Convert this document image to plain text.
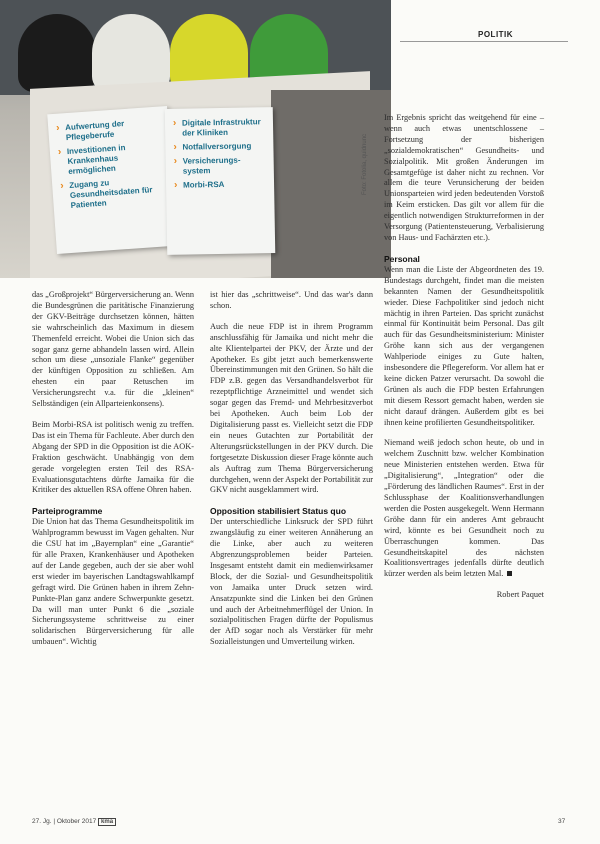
› Aufwertung der Pflegeberufe
› Investitionen in Krankenhaus ermöglichen
› Zugang zu Gesundheitsdaten für Patienten
› Digitale Infrastruktur der Kliniken
› Notfallversorgung
› Versicherungs-system
› Morbi-RSA	Foto: Fotolia, quidnunc
POLITIK

das „Großprojekt“ Bürgerversicherung an. Wenn die Bundesgrünen die paritätische Finanzierung der GKV-Beiträge durchsetzen können, hätten sie wahrscheinlich das Maximum in diesem Themenfeld erreicht. Wobei die Union sich das sogar ganz gerne abhandeln lassen wird. Allein schon um diese „unsoziale Flanke“ gegenüber der künftigen Opposition zu schließen. Am ehesten ein paar Retuschen im Versicherungsrecht v.a. für die „kleinen“ Selbständigen (ein Allparteienkonsens).

Beim Morbi-RSA ist politisch wenig zu treffen. Das ist ein Thema für Fachleute. Aber durch den Abgang der SPD in die Opposition ist die AOK-Fraktion geschwächt. Unabhängig von dem gerade vorgelegten ersten Teil des RSA-Evaluationsgutachtens dürfte Jamaika für die Kritiker des aktuellen RSA offene Ohren haben.

Parteiprogramme

Die Union hat das Thema Gesundheitspolitik im Wahlprogramm bewusst im Vagen gehalten. Nur die CSU hat im „Bayernplan“ eine „Garantie“ für alle Praxen, Krankenhäuser und Apotheken auf der Lande gegeben, auch der sie aber wohl erst wieder im bayerischen Landtagswahlkampf gefragt wird. Die Grünen haben in ihrem Zehn-Punkte-Plan ganz andere Schwerpunkte gesetzt. Da will man unter Punkt 6 die „soziale Sicherungssysteme schrittweise zu einer solidarischen Bürgerversicherung für alle umbauen“. Wichtig

ist hier das „schrittweise“. Und das war's dann schon.

Auch die neue FDP ist in ihrem Programm anschlussfähig für Jamaika und nicht mehr die alte Klientelpartei der PKV, der Ärzte und der Apotheker. Es gibt jetzt auch bemerkenswerte Übereinstimmungen mit den Grünen. So hält die FDP z.B. gegen das Versandhandelsverbot für rezeptpflichtige Arzneimittel und wendet sich sogar gegen das Fremd- und Mehrbesitzverbot bei Apotheken. Auch beim Lob der Digitalisierung passt es. Vielleicht setzt die FDP ein neues Gutachten zur Portabilität der Alterungsrückstellungen in der PKV durch. Die fortgesetzte Diskussion dieser Frage könnte auch als Auftrag zum Thema Bürgerversicherung durchgehen, wenn der Aspekt der Portabilität zur GKV nicht ausgeklammert wird.

Opposition stabilisiert Status quo

Der unterschiedliche Linksruck der SPD führt zwangsläufig zu einer weiteren Annäherung an die Linke, aber auch zu weiteren Abgrenzungsproblemen beider Parteien. Insgesamt entsteht damit ein medienwirksamer Block, der die Sozial- und Gesundheitspolitik von Jamaika unter Druck setzen wird. Ansatzpunkte sind die Linken bei den Grünen und auch der Arbeitnehmerflügel der Union. In sozialpolitischen Fragen dürfte der Populismus der AfD sogar noch als Verstärker für mehr Sozialleistungen und Umverteilung wirken.

Im Ergebnis spricht das weitgehend für eine – wenn auch etwas unentschlossene – Fortsetzung der bisherigen „sozialdemokratischen“ Gesundheits- und Sozialpolitik. Mit großen Änderungen im Gesamtgefüge ist daher nicht zu rechnen. Vor allem die teure Verunsicherung der beiden Unionsparteien wird jeden bedeutenden Vorstoß im Keim ersticken. Das gilt vor allem für die eigentlich notwendigen Strukturreformen in der Versorgung (Patientensteuerung, Verbalisierung von Haus- und Fachärzten etc.).

Personal

Wenn man die Liste der Abgeordneten des 19. Bundestags durchgeht, findet man die meisten bekannten Namen der Gesundheitspolitik wieder. Diese Fachpolitiker sind jedoch nicht mächtig in ihren Parteien. Das spricht zunächst einmal für Kontinuität beim Personal. Das gilt auch für das Gesundheitsministerium: Minister Gröhe kann sich aus der vergangenen Wahlperiode einiges zu Gute halten, insbesondere die Pflegereform. Vor allem hat er keine dicken Patzer verursacht. Da sowohl die Grünen als auch die FDP besten Erfahrungen mit diesem Ressort gemacht haben, werden sie nicht darauf drängen. Außerdem gibt es bei ihnen keine profilierten Gesundheitspolitiker.

Niemand weiß jedoch schon heute, ob und in welchem Zuschnitt bzw. welcher Kombination neue Ministerien entstehen werden. Etwa für „Digitalisierung“, „Integration“ oder die „Förderung des ländlichen Raumes“. Erst in der Schlussphase der Koalitionsverhandlungen werden die Posten ausgekegelt. Wenn Hermann Gröhe dann für ein anderes Amt gebraucht wird, könnte es bei Gesundheit noch zu Überraschungen kommen. Das Gesundheitskapitel des nächsten Koalitionsvertrages jedenfalls dürfte deutlich kürzer werden als beim letzten Mal.

Robert Paquet

27. Jg. | Oktober 2017 kma	37
